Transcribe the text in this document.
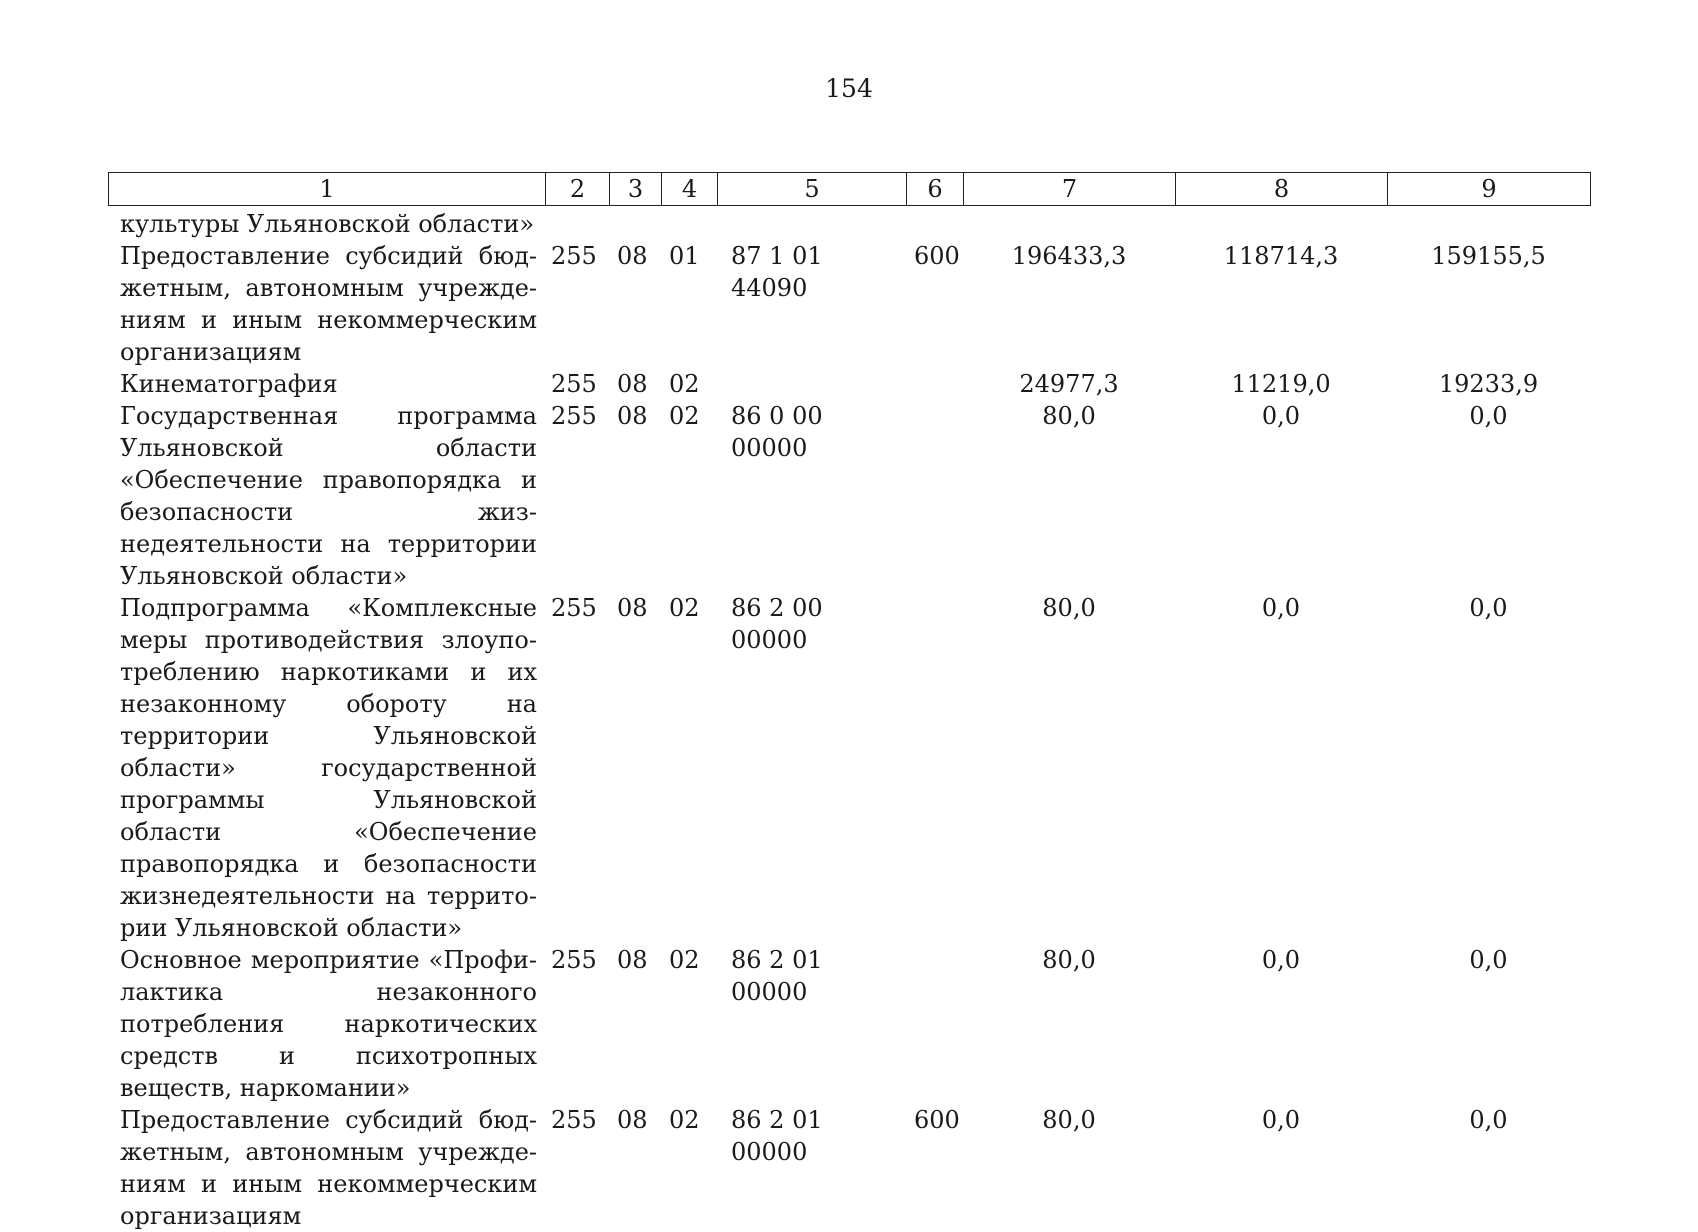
154
1	2	3	4	5	6	7	8	9
культуры Ульяновской области»								
Предоставление субсидий бюджетным, автономным учреждениям и иным некоммерческим организациям	255	08	01	87 1 01 44090	600	196433,3	118714,3	159155,5
Кинематография	255	08	02			24977,3	11219,0	19233,9
Государственная программа Ульяновской области «Обеспечение правопорядка и безопасности жизнедеятельности на территории Ульяновской области»	255	08	02	86 0 00 00000		80,0	0,0	0,0
Подпрограмма «Комплексные меры противодействия злоупотреблению наркотиками и их незаконному обороту на территории Ульяновской области» государственной программы Ульяновской области «Обеспечение правопорядка и безопасности жизнедеятельности на территории Ульяновской области»	255	08	02	86 2 00 00000		80,0	0,0	0,0
Основное мероприятие «Профилактика незаконного потребления наркотических средств и психотропных веществ, наркомании»	255	08	02	86 2 01 00000		80,0	0,0	0,0
Предоставление субсидий бюджетным, автономным учреждениям и иным некоммерческим организациям	255	08	02	86 2 01 00000	600	80,0	0,0	0,0
